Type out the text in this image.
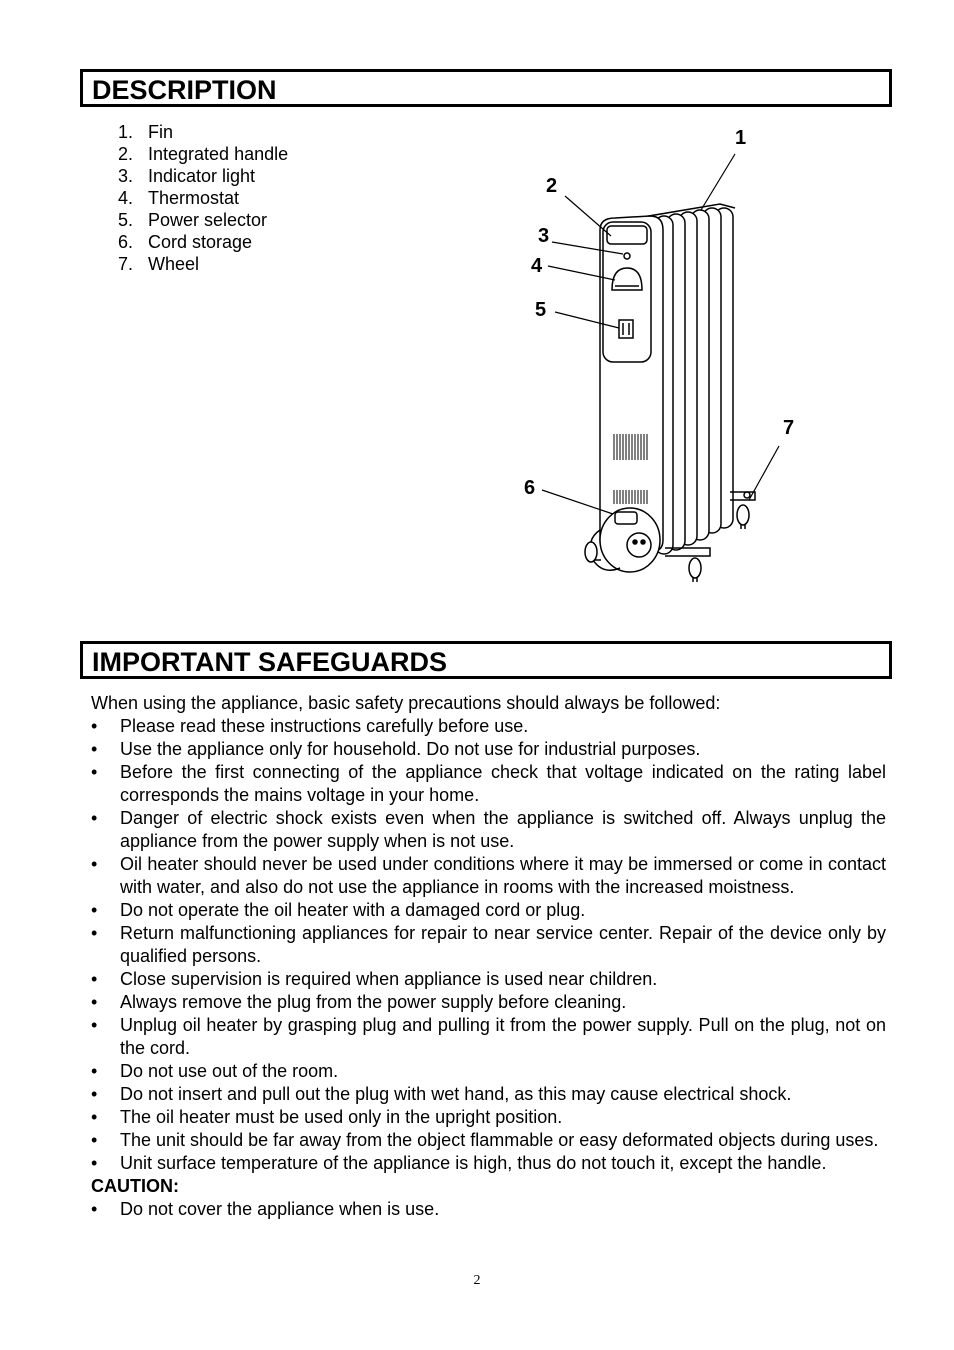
DESCRIPTION
1. Fin
2. Integrated handle
3. Indicator light
4. Thermostat
5. Power selector
6. Cord storage
7. Wheel
1
2
3
4
5
6
7
IMPORTANT SAFEGUARDS

When using the appliance, basic safety precautions should always be followed:

• Please read these instructions carefully before use.
• Use the appliance only for household. Do not use for industrial purposes.
• Before the first connecting of the appliance check that voltage indicated on the rating label corresponds the mains voltage in your home.
• Danger of electric shock exists even when the appliance is switched off. Always unplug the appliance from the power supply when is not use.
• Oil heater should never be used under conditions where it may be immersed or come in contact with water, and also do not use the appliance in rooms with the increased moistness.
• Do not operate the oil heater with a damaged cord or plug.
• Return malfunctioning appliances for repair to near service center. Repair of the device only by qualified persons.
• Close supervision is required when appliance is used near children.
• Always remove the plug from the power supply before cleaning.
• Unplug oil heater by grasping plug and pulling it from the power supply. Pull on the plug, not on the cord.
• Do not use out of the room.
• Do not insert and pull out the plug with wet hand, as this may cause electrical shock.
• The oil heater must be used only in the upright position.
• The unit should be far away from the object flammable or easy deformated objects during uses.
• Unit surface temperature of the appliance is high, thus do not touch it, except the handle.

CAUTION:

• Do not cover the appliance when is use.
2
